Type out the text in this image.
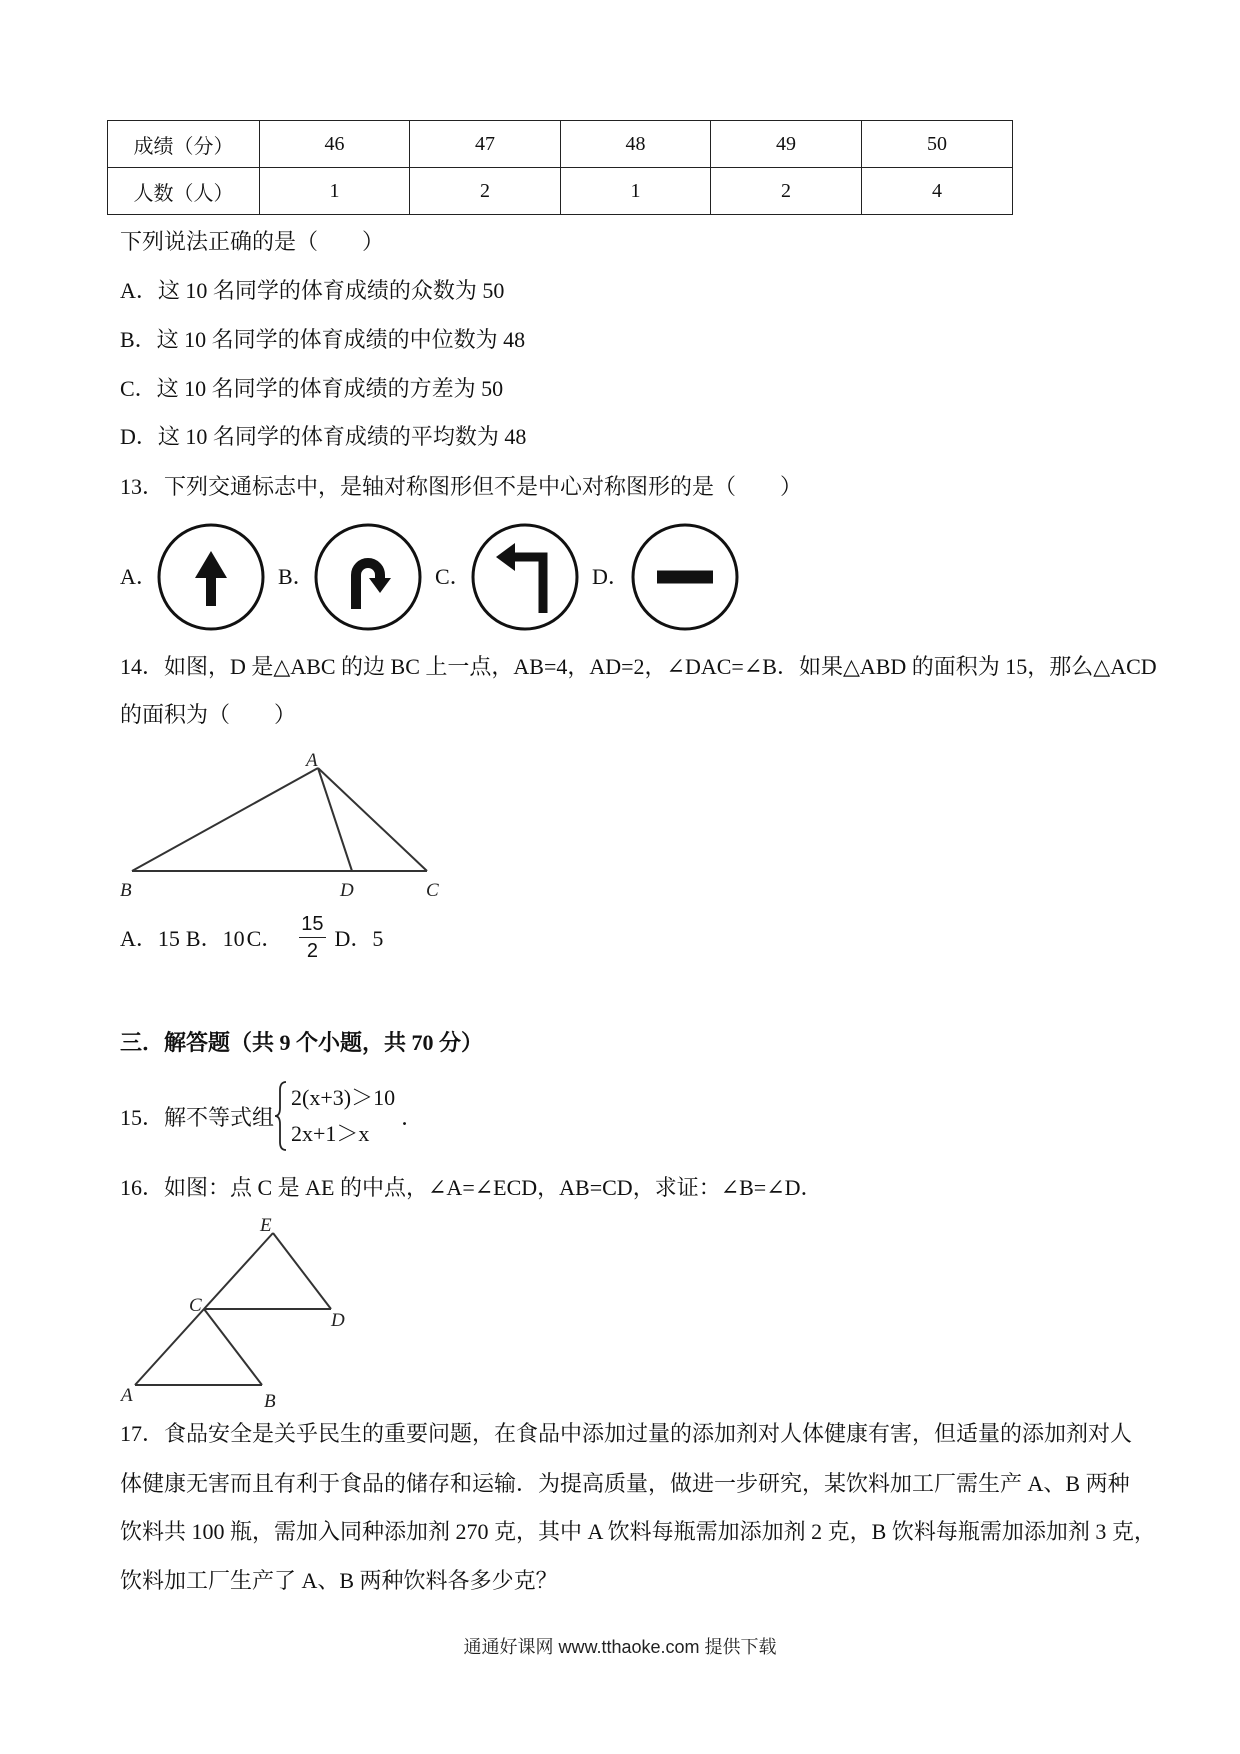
成绩（分）	46	47	48	49	50
人数（人）	1	2	1	2	4
下列说法正确的是（　　）
A．这 10 名同学的体育成绩的众数为 50
B．这 10 名同学的体育成绩的中位数为 48
C．这 10 名同学的体育成绩的方差为 50
D．这 10 名同学的体育成绩的平均数为 48
13．下列交通标志中，是轴对称图形但不是中心对称图形的是（　　）
A．	B．	C．	D．
14．如图，D 是△ABC 的边 BC 上一点，AB=4，AD=2，∠DAC=∠B．如果△ABD 的面积为 15，那么△ACD
的面积为（　　）
A
B	D	C
A．15 B．10 C． $\frac{15}{2}$ D．5
三．解答题（共 9 个小题，共 70 分）
15．解不等式组
2(x+3)＞10
2x+1＞x
．
16．如图：点 C 是 AE 的中点，∠A=∠ECD，AB=CD，求证：∠B=∠D．
E
C
D
A	B
17．食品安全是关乎民生的重要问题，在食品中添加过量的添加剂对人体健康有害，但适量的添加剂对人
体健康无害而且有利于食品的储存和运输．为提高质量，做进一步研究，某饮料加工厂需生产 A、B 两种
饮料共 100 瓶，需加入同种添加剂 270 克，其中 A 饮料每瓶需加添加剂 2 克，B 饮料每瓶需加添加剂 3 克，
饮料加工厂生产了 A、B 两种饮料各多少克？
通通好课网 www.tthaoke.com 提供下载
